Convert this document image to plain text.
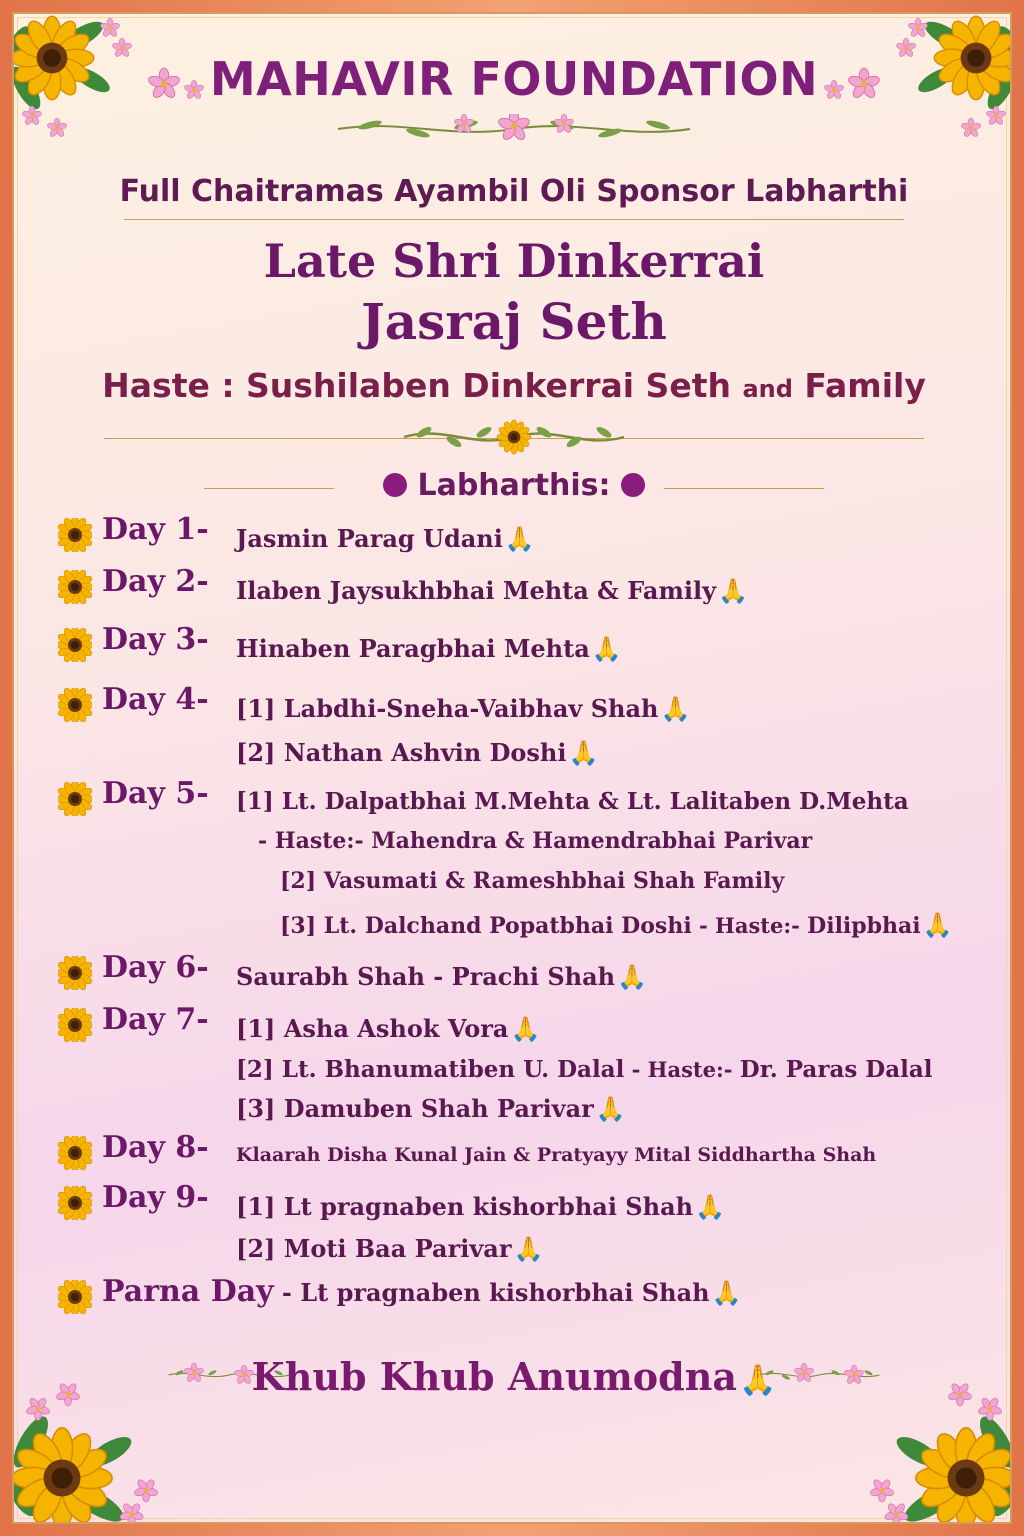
MAHAVIR FOUNDATION
Full Chaitramas Ayambil Oli Sponsor Labharthi
Late Shri Dinkerrai
Jasraj Seth
Haste : Sushilaben Dinkerrai Seth and Family
Labharthis:
Day 1- Jasmin Parag Udani🙏
Day 2- Ilaben Jaysukhbhai Mehta & Family🙏
Day 3- Hinaben Paragbhai Mehta🙏
Day 4- [1] Labdhi-Sneha-Vaibhav Shah🙏
[2] Nathan Ashvin Doshi🙏
Day 5- [1] Lt. Dalpatbhai M.Mehta & Lt. Lalitaben D.Mehta
- Haste:- Mahendra & Hamendrabhai Parivar
[2] Vasumati & Rameshbhai Shah Family
[3] Lt. Dalchand Popatbhai Doshi - Haste:- Dilipbhai🙏
Day 6- Saurabh Shah - Prachi Shah🙏
Day 7- [1] Asha Ashok Vora🙏
[2] Lt. Bhanumatiben U. Dalal - Haste:- Dr. Paras Dalal
[3] Damuben Shah Parivar🙏
Day 8- Klaarah Disha Kunal Jain & Pratyayy Mital Siddhartha Shah
Day 9- [1] Lt pragnaben kishorbhai Shah🙏
[2] Moti Baa Parivar🙏
Parna Day - Lt pragnaben kishorbhai Shah🙏
Khub Khub Anumodna🙏
